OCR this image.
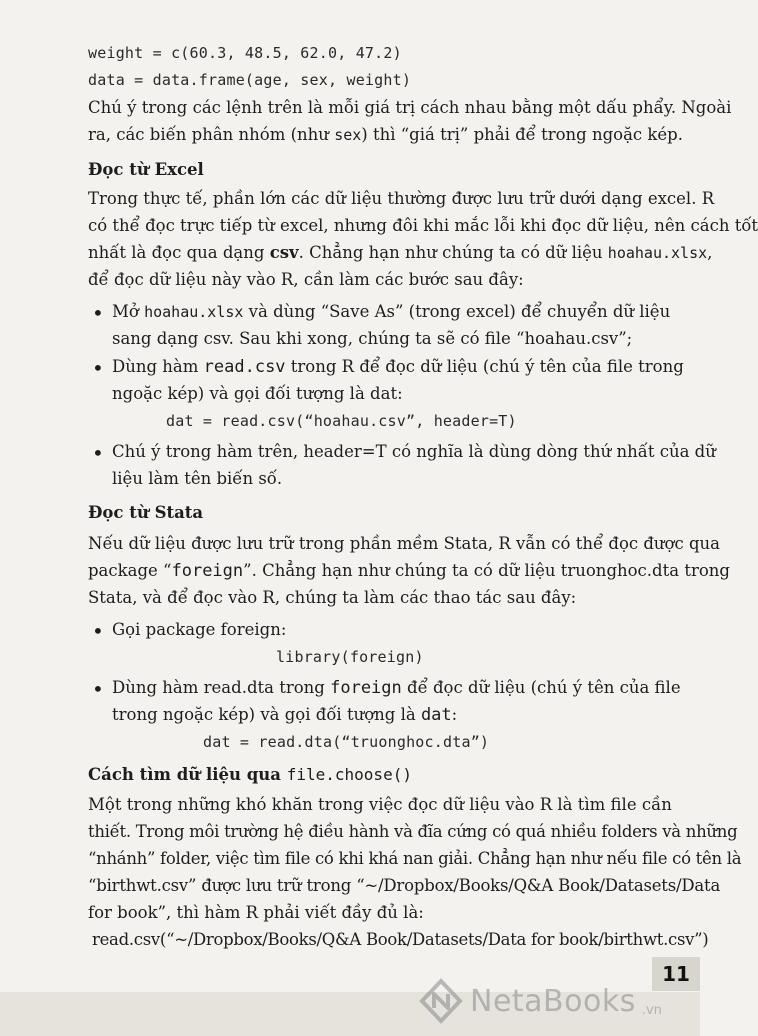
weight = c(60.3, 48.5, 62.0, 47.2)
data = data.frame(age, sex, weight)
Chú ý trong các lệnh trên là mỗi giá trị cách nhau bằng một dấu phẩy. Ngoài
ra, các biến phân nhóm (như sex) thì “giá trị” phải để trong ngoặc kép.
Đọc từ Excel
Trong thực tế, phần lớn các dữ liệu thường được lưu trữ dưới dạng excel. R
có thể đọc trực tiếp từ excel, nhưng đôi khi mắc lỗi khi đọc dữ liệu, nên cách tốt
nhất là đọc qua dạng csv. Chẳng hạn như chúng ta có dữ liệu hoahau.xlsx,
để đọc dữ liệu này vào R, cần làm các bước sau đây:
• Mở hoahau.xlsx và dùng “Save As” (trong excel) để chuyển dữ liệu
sang dạng csv. Sau khi xong, chúng ta sẽ có file “hoahau.csv”;
• Dùng hàm read.csv trong R để đọc dữ liệu (chú ý tên của file trong
ngoặc kép) và gọi đối tượng là dat:
dat = read.csv(“hoahau.csv”, header=T)
• Chú ý trong hàm trên, header=T có nghĩa là dùng dòng thứ nhất của dữ
liệu làm tên biến số.
Đọc từ Stata
Nếu dữ liệu được lưu trữ trong phần mềm Stata, R vẫn có thể đọc được qua
package “foreign”. Chẳng hạn như chúng ta có dữ liệu truonghoc.dta trong
Stata, và để đọc vào R, chúng ta làm các thao tác sau đây:
• Gọi package foreign:
library(foreign)
• Dùng hàm read.dta trong foreign để đọc dữ liệu (chú ý tên của file
trong ngoặc kép) và gọi đối tượng là dat:
dat = read.dta(“truonghoc.dta”)
Cách tìm dữ liệu qua file.choose()
Một trong những khó khăn trong việc đọc dữ liệu vào R là tìm file cần
thiết. Trong môi trường hệ điều hành và đĩa cứng có quá nhiều folders và những
“nhánh” folder, việc tìm file có khi khá nan giải. Chẳng hạn như nếu file có tên là
“birthwt.csv” được lưu trữ trong “~/Dropbox/Books/Q&A Book/Datasets/Data
for book”, thì hàm R phải viết đầy đủ là:
read.csv(“~/Dropbox/Books/Q&A Book/Datasets/Data for book/birthwt.csv”)
11
NetaBooks .vn
